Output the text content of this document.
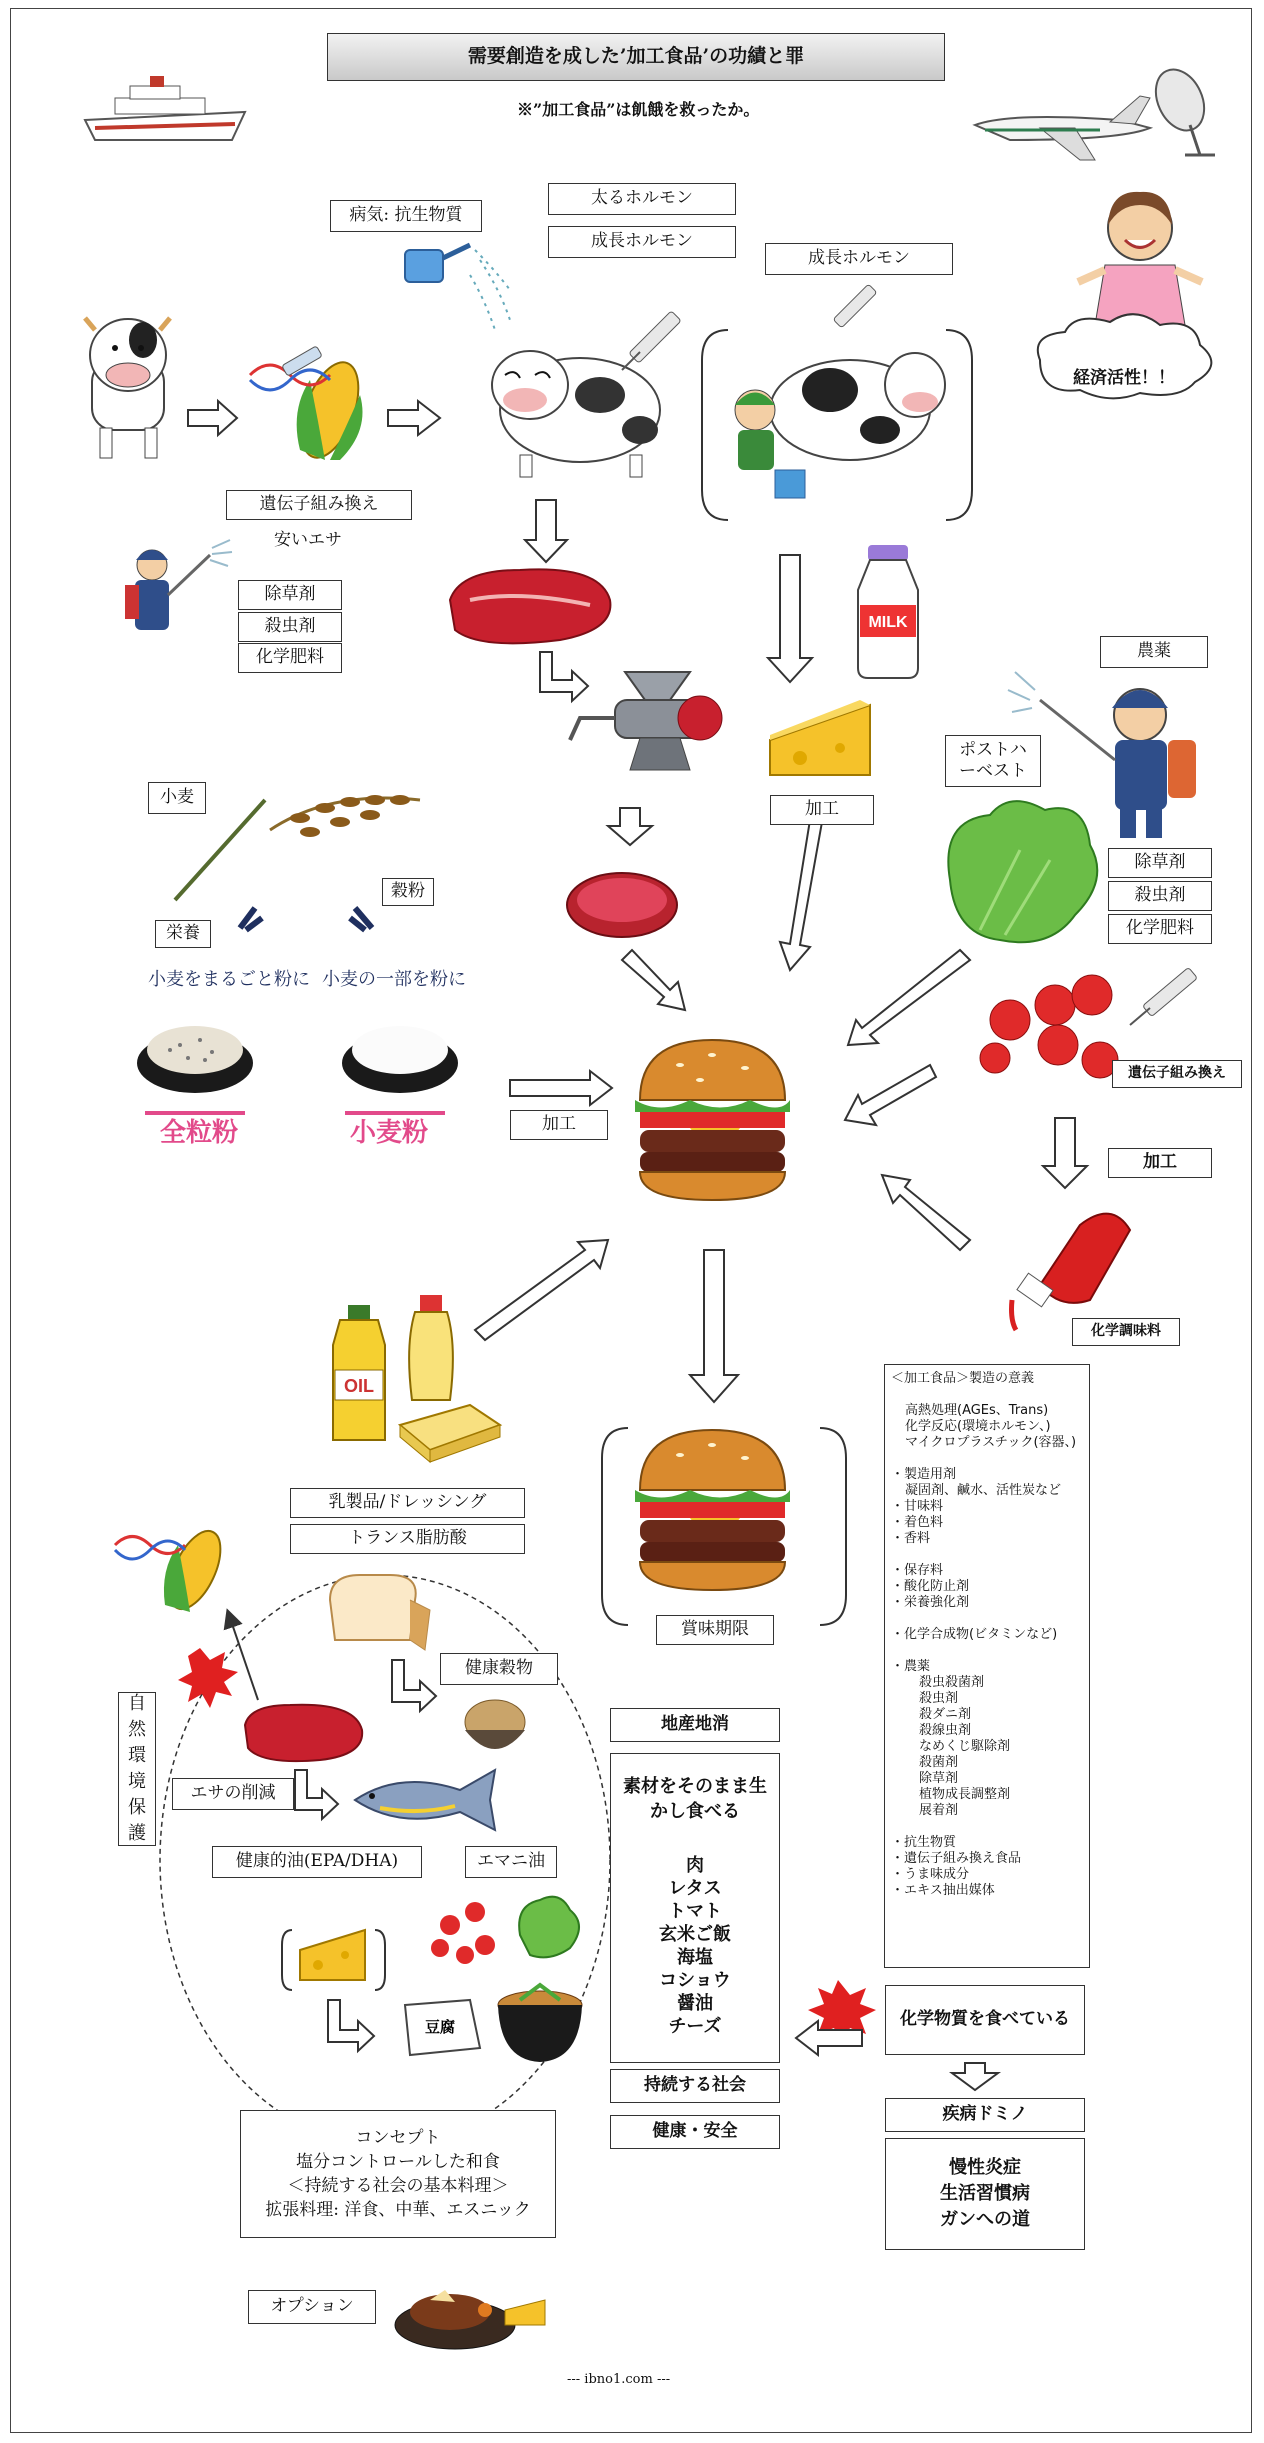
需要創造を成した’加工食品’の功績と罪
※”加工食品”は飢餓を救ったか。
MILK
OIL
豆腐
病気: 抗生物質
太るホルモン
成長ホルモン
成長ホルモン
経済活性！！
遺伝子組み換え
安いエサ
除草剤
殺虫剤
化学肥料	農薬
ポストハーベスト
加工
除草剤
殺虫剤
化学肥料
遺伝子組み換え
加工
化学調味料
小麦
栄養
穀粉
小麦をまるごと粉に 小麦の一部を粉に
全粒粉	小麦粉	加工
乳製品/ドレッシング
トランス脂肪酸
賞味期限
＜加工食品＞製造の意義

高熱処理(AGEs、Trans)
化学反応(環境ホルモン、)
マイクロプラスチック(容器、)

・製造用剤
凝固剤、鹹水、活性炭など
・甘味料
・着色料
・香料

・保存料
・酸化防止剤
・栄養強化剤

・化学合成物(ビタミンなど)

・農薬
殺虫殺菌剤
殺虫剤
殺ダニ剤
殺線虫剤
なめくじ駆除剤
殺菌剤
除草剤
植物成長調整剤
展着剤

・抗生物質
・遺伝子組み換え食品
・うま味成分
・エキス抽出媒体
自然環境保護
健康穀物
エサの削減
健康的油(EPA/DHA)	エマニ油
コンセプト
塩分コントロールした和食
＜持続する社会の基本料理＞
拡張料理: 洋食、中華、エスニック
オプション
地産地消
素材をそのまま生かし食べる
肉
レタス
トマト
玄米ご飯
海塩
コショウ
醤油
チーズ
持続する社会
健康・安全
化学物質を食べている
疾病ドミノ
慢性炎症
生活習慣病
ガンへの道
--- ibno1.com ---
